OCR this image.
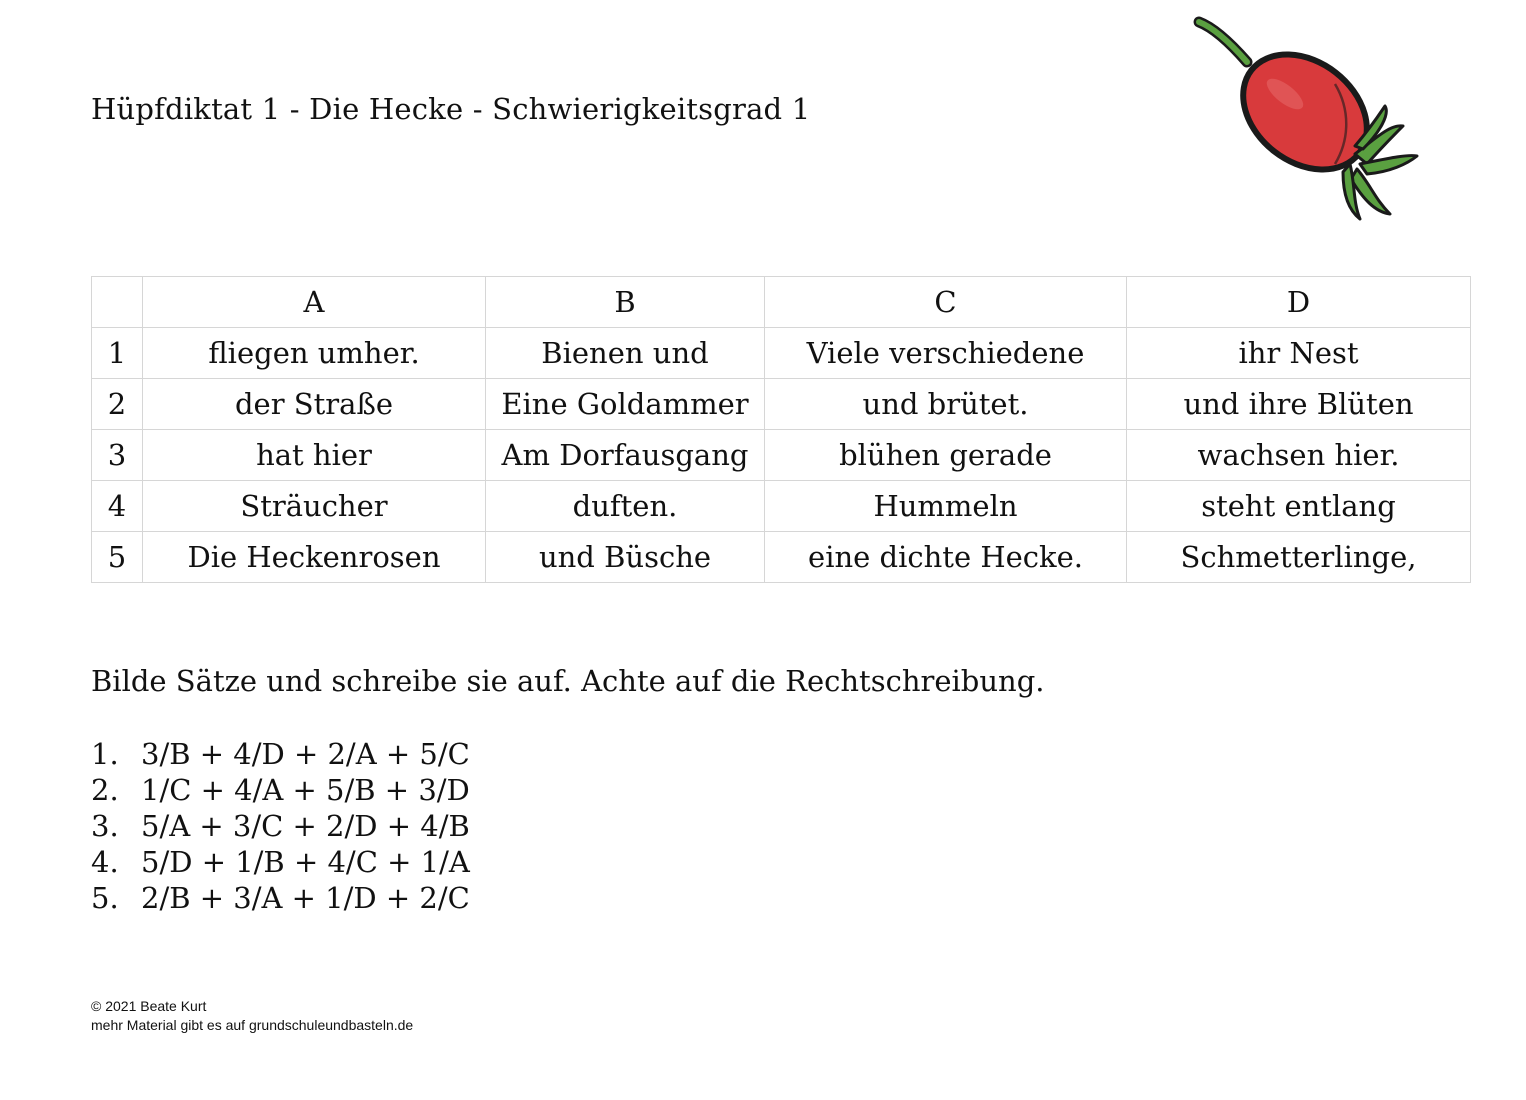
Hüpfdiktat 1 - Die Hecke - Schwierigkeitsgrad 1
	A	B	C	D
1	fliegen umher.	Bienen und	Viele verschiedene	ihr Nest
2	der Straße	Eine Goldammer	und brütet.	und ihre Blüten
3	hat hier	Am Dorfausgang	blühen gerade	wachsen hier.
4	Sträucher	duften.	Hummeln	steht entlang
5	Die Heckenrosen	und Büsche	eine dichte Hecke.	Schmetterlinge,
Bilde Sätze und schreibe sie auf. Achte auf die Rechtschreibung.
1. 3/B + 4/D + 2/A + 5/C
2. 1/C + 4/A + 5/B + 3/D
3. 5/A + 3/C + 2/D + 4/B
4. 5/D + 1/B + 4/C + 1/A
5. 2/B + 3/A + 1/D + 2/C
© 2021 Beate Kurt
mehr Material gibt es auf grundschuleundbasteln.de
